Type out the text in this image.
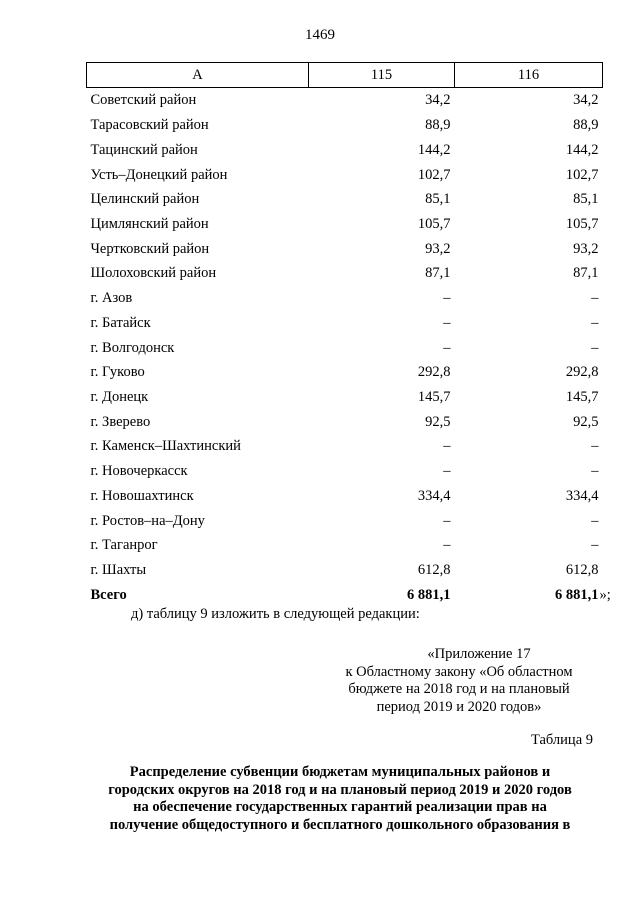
1469
А	115	116
Советский район	34,2	34,2
Тарасовский район	88,9	88,9
Тацинский район	144,2	144,2
Усть–Донецкий район	102,7	102,7
Целинский район	85,1	85,1
Цимлянский район	105,7	105,7
Чертковский район	93,2	93,2
Шолоховский район	87,1	87,1
г. Азов	–	–
г. Батайск	–	–
г. Волгодонск	–	–
г. Гуково	292,8	292,8
г. Донецк	145,7	145,7
г. Зверево	92,5	92,5
г. Каменск–Шахтинский	–	–
г. Новочеркасск	–	–
г. Новошахтинск	334,4	334,4
г. Ростов–на–Дону	–	–
г. Таганрог	–	–
г. Шахты	612,8	612,8
Всего	6 881,1	6 881,1 »;
д) таблицу 9 изложить в следующей редакции:
«Приложение 17
к Областному закону «Об областном
бюджете на 2018 год и на плановый
период 2019 и 2020 годов»
Таблица 9
Распределение субвенции бюджетам муниципальных районов и
городских округов на 2018 год и на плановый период 2019 и 2020 годов
на обеспечение государственных гарантий реализации прав на
получение общедоступного и бесплатного дошкольного образования в
